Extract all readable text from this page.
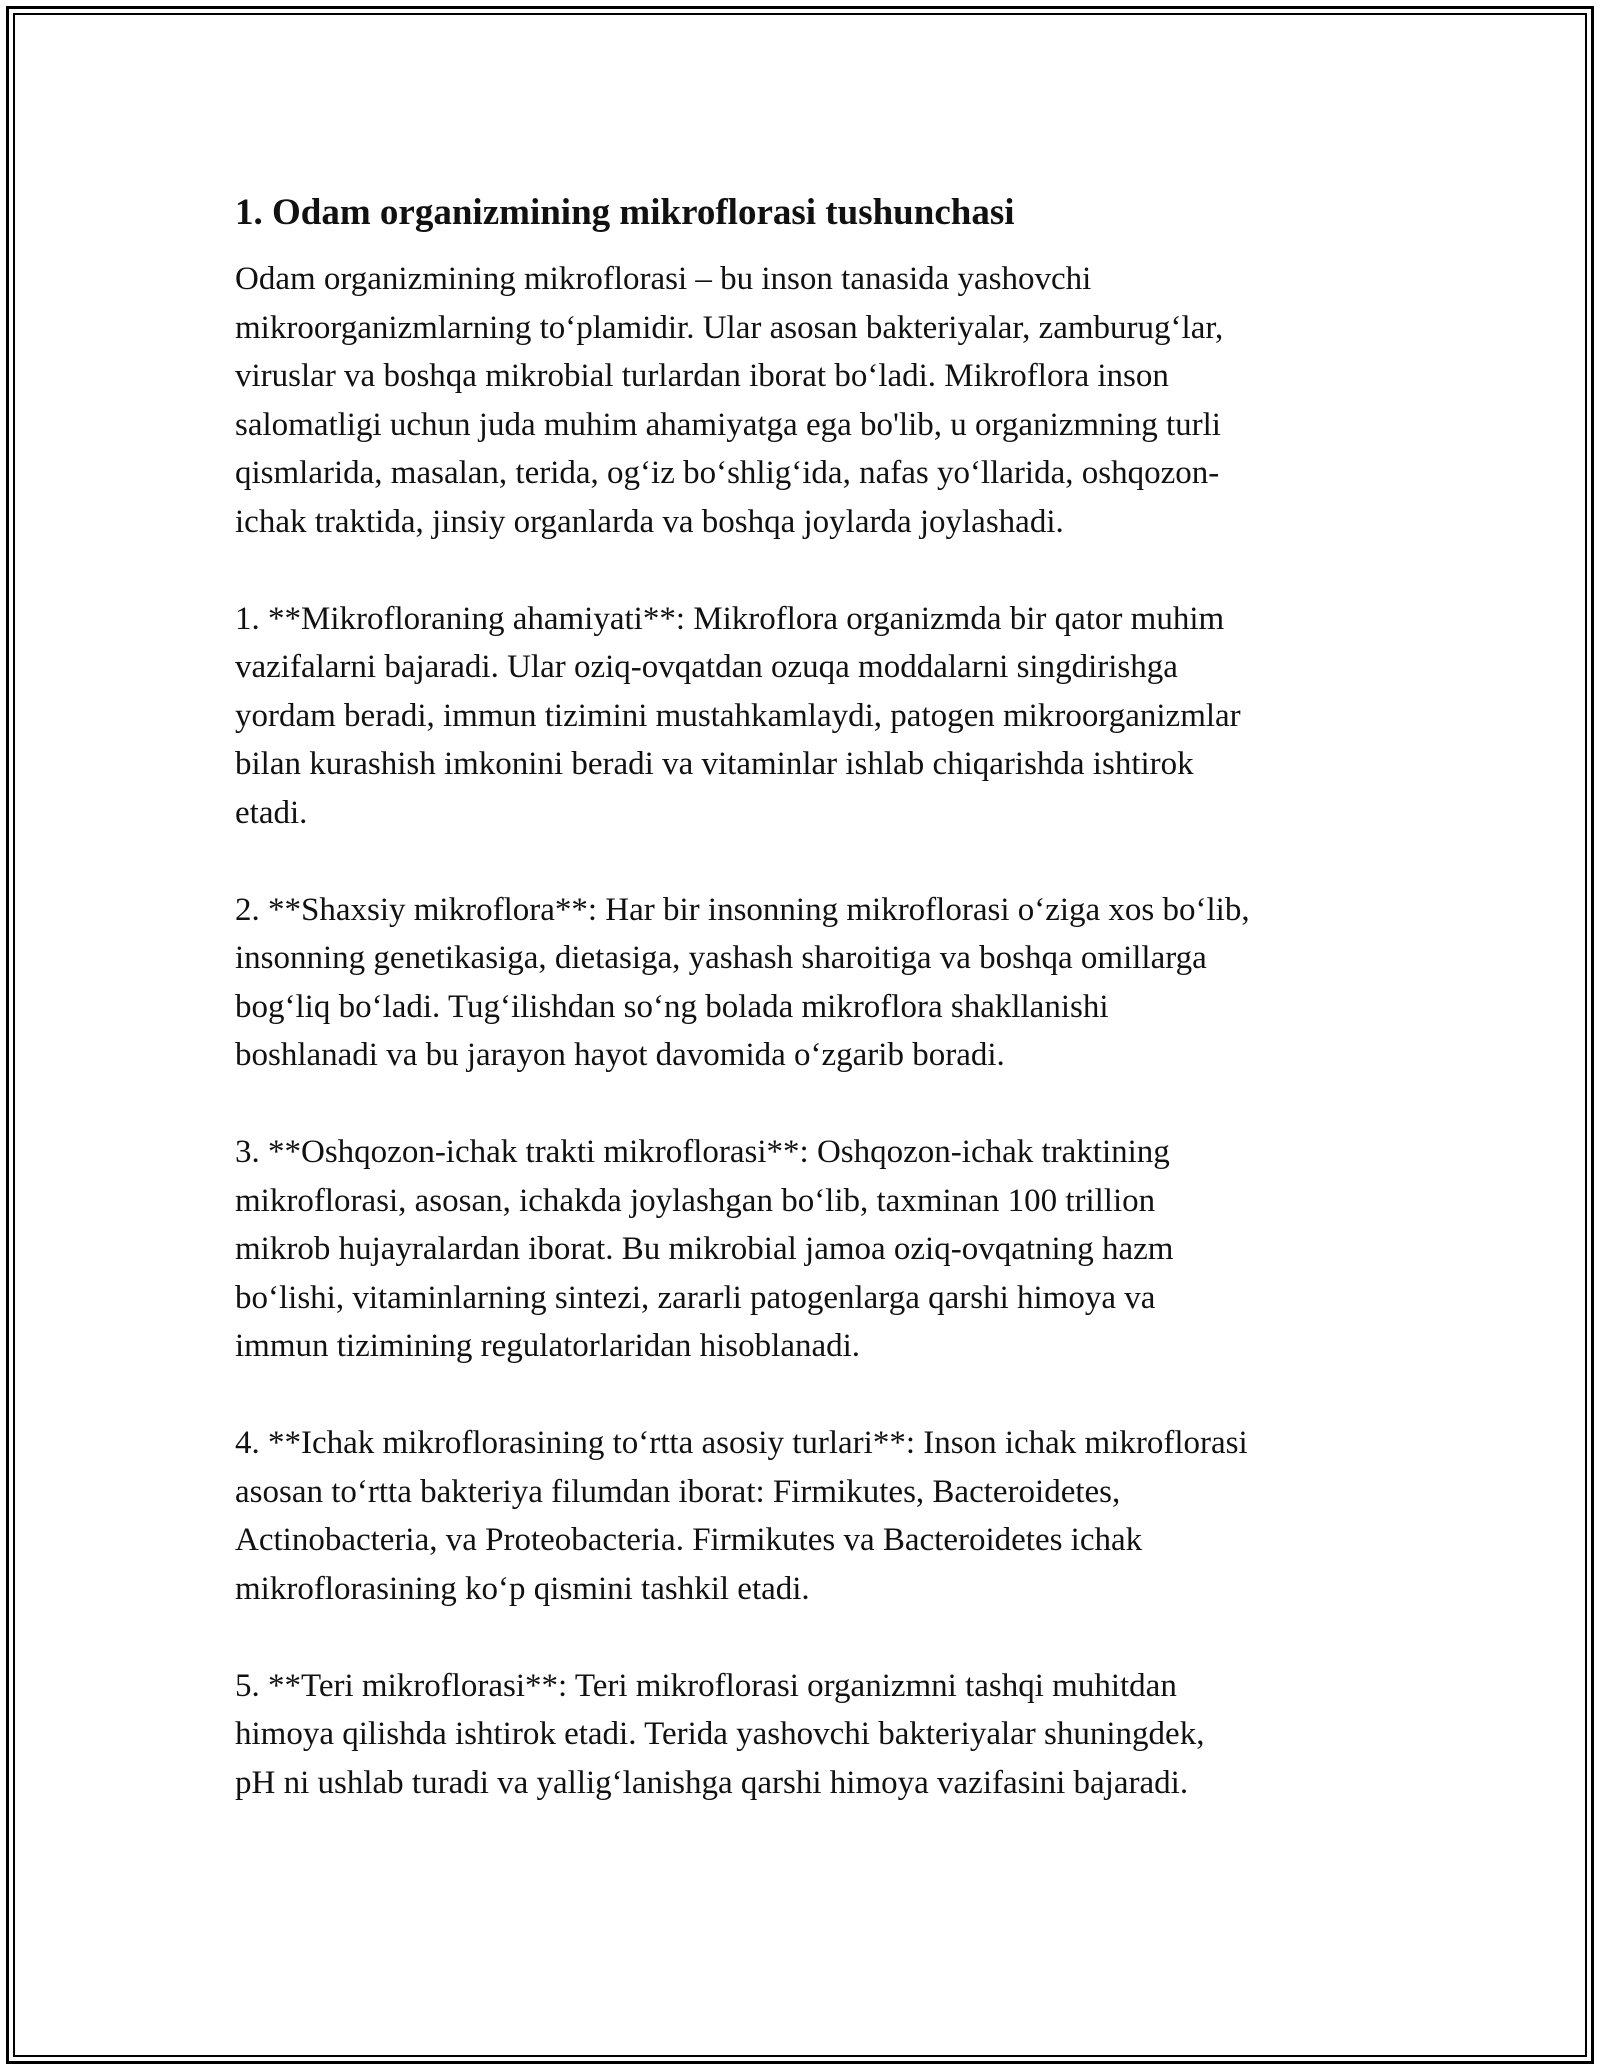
1. Odam organizmining mikroflorasi tushunchasi

Odam organizmining mikroflorasi – bu inson tanasida yashovchi
mikroorganizmlarning to‘plamidir. Ular asosan bakteriyalar, zamburug‘lar,
viruslar va boshqa mikrobial turlardan iborat bo‘ladi. Mikroflora inson
salomatligi uchun juda muhim ahamiyatga ega bo'lib, u organizmning turli
qismlarida, masalan, terida, og‘iz bo‘shlig‘ida, nafas yo‘llarida, oshqozon-
ichak traktida, jinsiy organlarda va boshqa joylarda joylashadi.

1. **Mikrofloraning ahamiyati**: Mikroflora organizmda bir qator muhim
vazifalarni bajaradi. Ular oziq-ovqatdan ozuqa moddalarni singdirishga
yordam beradi, immun tizimini mustahkamlaydi, patogen mikroorganizmlar
bilan kurashish imkonini beradi va vitaminlar ishlab chiqarishda ishtirok
etadi.

2. **Shaxsiy mikroflora**: Har bir insonning mikroflorasi o‘ziga xos bo‘lib,
insonning genetikasiga, dietasiga, yashash sharoitiga va boshqa omillarga
bog‘liq bo‘ladi. Tug‘ilishdan so‘ng bolada mikroflora shakllanishi
boshlanadi va bu jarayon hayot davomida o‘zgarib boradi.

3. **Oshqozon-ichak trakti mikroflorasi**: Oshqozon-ichak traktining
mikroflorasi, asosan, ichakda joylashgan bo‘lib, taxminan 100 trillion
mikrob hujayralardan iborat. Bu mikrobial jamoa oziq-ovqatning hazm
bo‘lishi, vitaminlarning sintezi, zararli patogenlarga qarshi himoya va
immun tizimining regulatorlaridan hisoblanadi.

4. **Ichak mikroflorasining to‘rtta asosiy turlari**: Inson ichak mikroflorasi
asosan to‘rtta bakteriya filumdan iborat: Firmikutes, Bacteroidetes,
Actinobacteria, va Proteobacteria. Firmikutes va Bacteroidetes ichak
mikroflorasining ko‘p qismini tashkil etadi.

5. **Teri mikroflorasi**: Teri mikroflorasi organizmni tashqi muhitdan
himoya qilishda ishtirok etadi. Terida yashovchi bakteriyalar shuningdek,
pH ni ushlab turadi va yallig‘lanishga qarshi himoya vazifasini bajaradi.
